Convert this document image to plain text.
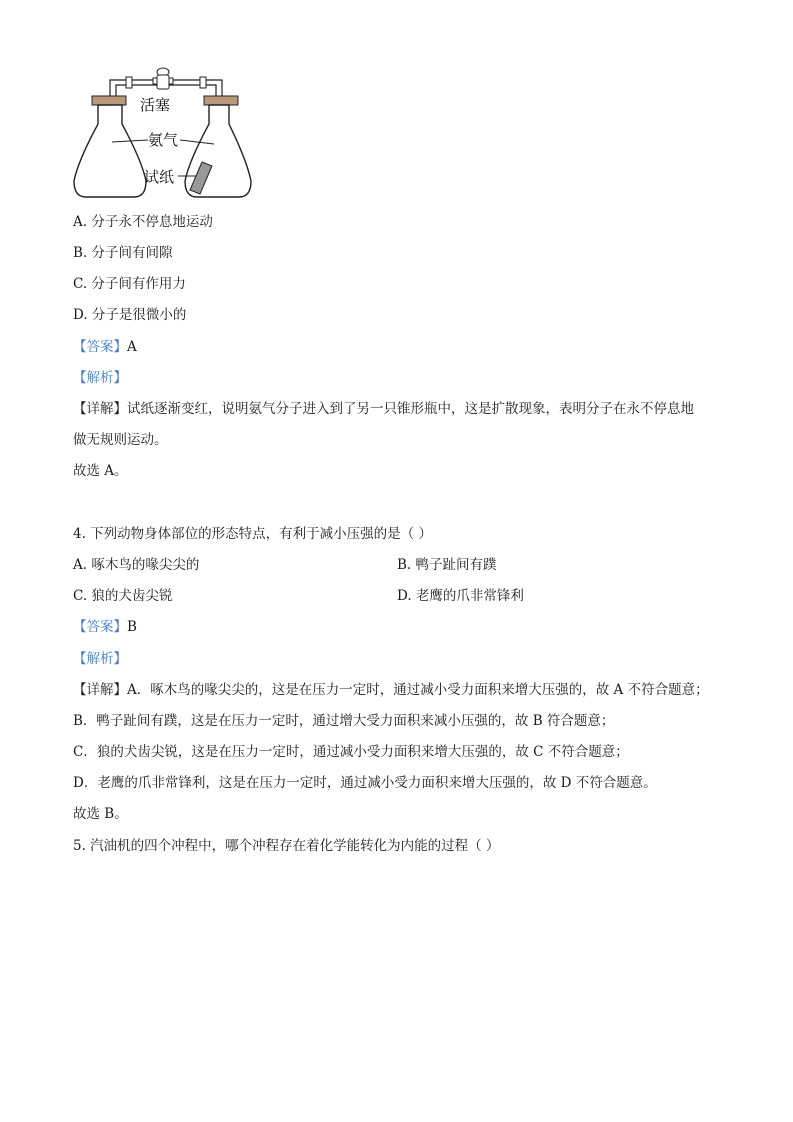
活塞
氨气
试纸
A. 分子永不停息地运动
B. 分子间有间隙
C. 分子间有作用力
D. 分子是很微小的
【答案】A
【解析】
【详解】试纸逐渐变红，说明氨气分子进入到了另一只锥形瓶中，这是扩散现象，表明分子在永不停息地
做无规则运动。
故选 A。
4. 下列动物身体部位的形态特点，有利于减小压强的是（ ）
A. 啄木鸟的喙尖尖的	B. 鸭子趾间有蹼
C. 狼的犬齿尖锐	D. 老鹰的爪非常锋利
【答案】B
【解析】
【详解】A．啄木鸟的喙尖尖的，这是在压力一定时，通过减小受力面积来增大压强的，故 A 不符合题意；
B．鸭子趾间有蹼，这是在压力一定时，通过增大受力面积来减小压强的，故 B 符合题意；
C．狼的犬齿尖锐，这是在压力一定时，通过减小受力面积来增大压强的，故 C 不符合题意；
D．老鹰的爪非常锋利，这是在压力一定时，通过减小受力面积来增大压强的，故 D 不符合题意。
故选 B。
5. 汽油机的四个冲程中，哪个冲程存在着化学能转化为内能的过程（ ）
